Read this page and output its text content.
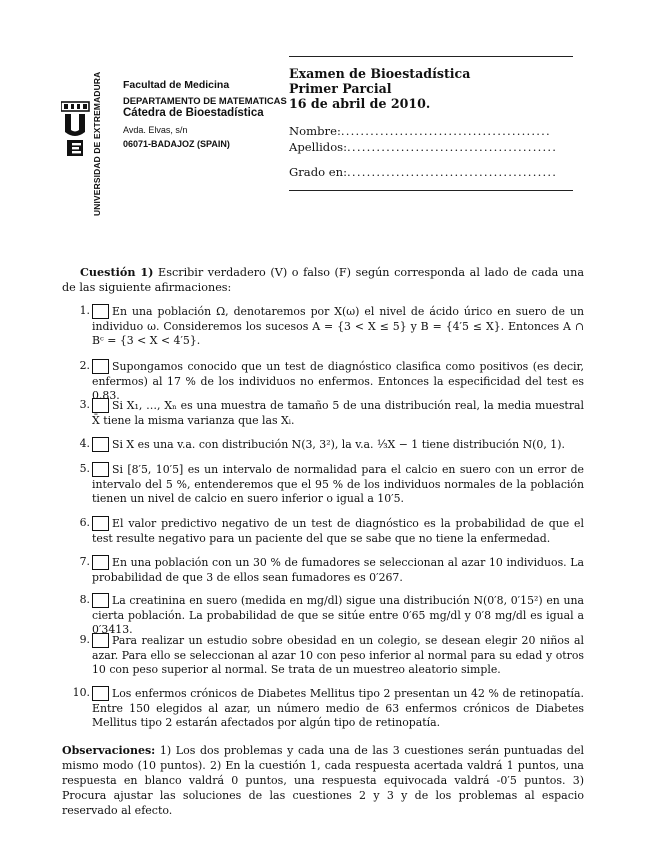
UNIVERSIDAD DE EXTREMADURA Facultad de Medicina
DEPARTAMENTO DE MATEMATICAS
Cátedra de Bioestadística
Avda. Elvas, s/n
06071-BADAJOZ (SPAIN)
Examen de Bioestadística
Primer Parcial
16 de abril de 2010.
Nombre:...........................................
Apellidos:...........................................
Grado en:...........................................
Cuestión 1) Escribir verdadero (V) o falso (F) según corresponda al lado de cada una de las siguiente afirmaciones:
1.	En una población Ω, denotaremos por X(ω) el nivel de ácido úrico en suero de un individuo ω. Consideremos los sucesos A = {3 < X ≤ 5} y B = {4′5 ≤ X}. Entonces A ∩ Bᶜ = {3 < X < 4′5}.
2.	Supongamos conocido que un test de diagnóstico clasifica como positivos (es decir, enfermos) al 17 % de los individuos no enfermos. Entonces la especificidad del test es 0.83.
3.	Si X₁, …, Xₙ es una muestra de tamaño 5 de una distribución real, la media muestral X̄ tiene la misma varianza que las Xᵢ.
4.	Si X es una v.a. con distribución N(3, 3²), la v.a. ⅓X − 1 tiene distribución N(0, 1).
5.	Si [8′5, 10′5] es un intervalo de normalidad para el calcio en suero con un error de intervalo del 5 %, entenderemos que el 95 % de los individuos normales de la población tienen un nivel de calcio en suero inferior o igual a 10′5.
6.	El valor predictivo negativo de un test de diagnóstico es la probabilidad de que el test resulte negativo para un paciente del que se sabe que no tiene la enfermedad.
7.	En una población con un 30 % de fumadores se seleccionan al azar 10 individuos. La probabilidad de que 3 de ellos sean fumadores es 0′267.
8.	La creatinina en suero (medida en mg/dl) sigue una distribución N(0′8, 0′15²) en una cierta población. La probabilidad de que se sitúe entre 0′65 mg/dl y 0′8 mg/dl es igual a 0′3413.
9.	Para realizar un estudio sobre obesidad en un colegio, se desean elegir 20 niños al azar. Para ello se seleccionan al azar 10 con peso inferior al normal para su edad y otros 10 con peso superior al normal. Se trata de un muestreo aleatorio simple.
10.	Los enfermos crónicos de Diabetes Mellitus tipo 2 presentan un 42 % de retinopatía. Entre 150 elegidos al azar, un número medio de 63 enfermos crónicos de Diabetes Mellitus tipo 2 estarán afectados por algún tipo de retinopatía.
Observaciones: 1) Los dos problemas y cada una de las 3 cuestiones serán puntuadas del mismo modo (10 puntos). 2) En la cuestión 1, cada respuesta acertada valdrá 1 puntos, una respuesta en blanco valdrá 0 puntos, una respuesta equivocada valdrá -0′5 puntos. 3) Procura ajustar las soluciones de las cuestiones 2 y 3 y de los problemas al espacio reservado al efecto.
